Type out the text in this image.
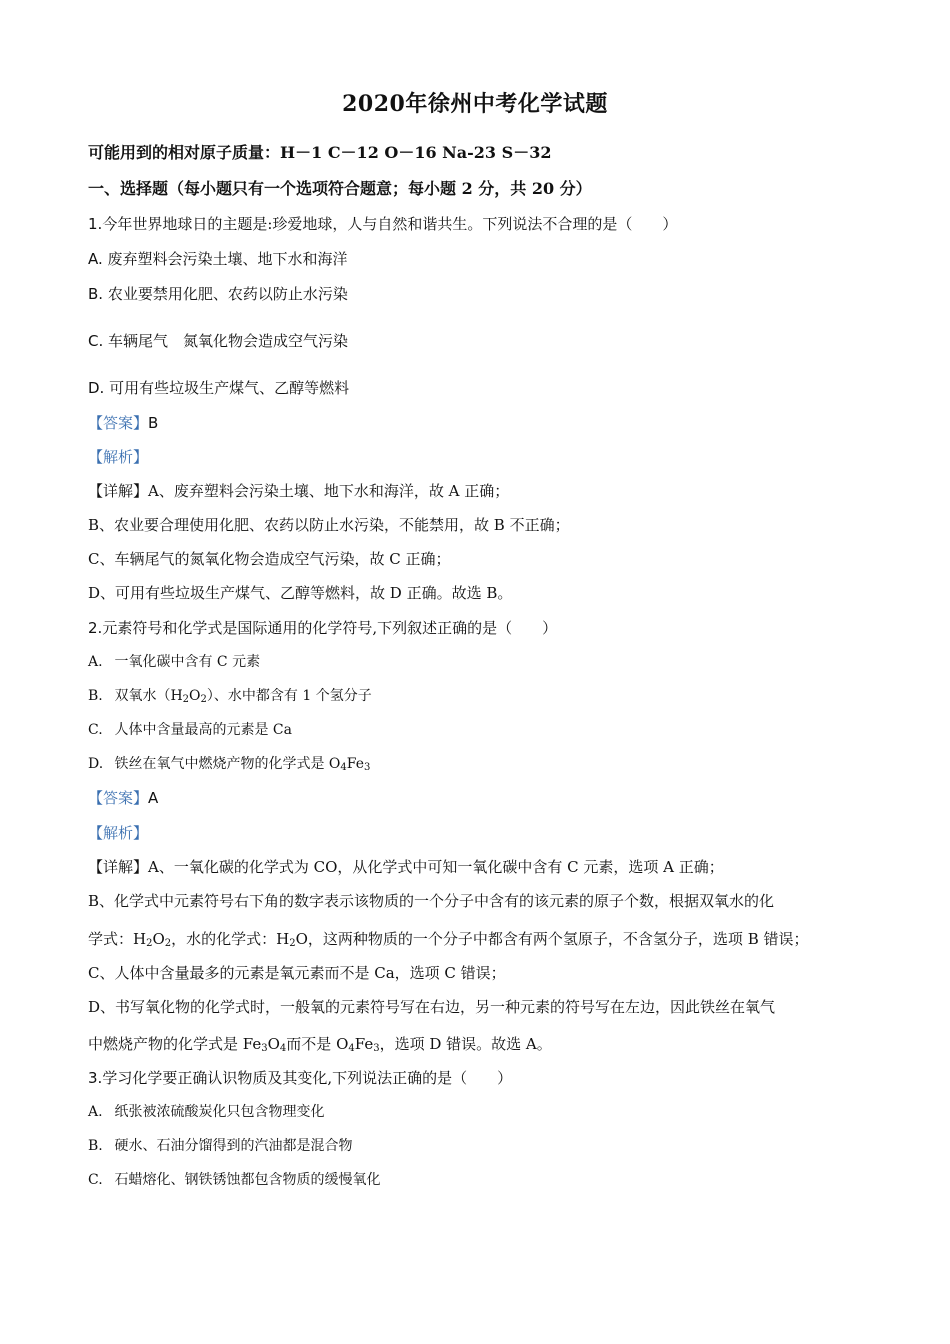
2020年徐州中考化学试题
可能用到的相对原子质量：H－1 C－12 O－16 Na-23 S－32
一、选择题（每小题只有一个选项符合题意；每小题 2 分，共 20 分）
1.今年世界地球日的主题是:珍爱地球，人与自然和谐共生。下列说法不合理的是（　　）
A. 废弃塑料会污染土壤、地下水和海洋
B. 农业要禁用化肥、农药以防止水污染
C. 车辆尾气　氮氧化物会造成空气污染
D. 可用有些垃圾生产煤气、乙醇等燃料
【答案】B
【解析】
【详解】A、废弃塑料会污染土壤、地下水和海洋，故 A 正确；
B、农业要合理使用化肥、农药以防止水污染，不能禁用，故 B 不正确；
C、车辆尾气的氮氧化物会造成空气污染，故 C 正确；
D、可用有些垃圾生产煤气、乙醇等燃料，故 D 正确。故选 B。
2.元素符号和化学式是国际通用的化学符号,下列叙述正确的是（　　）
A. 一氧化碳中含有 C 元素
B. 双氧水$(H_2O_2)$、水中都含有 1 个氢分子
C. 人体中含量最高的元素是 Ca
D. 铁丝在氧气中燃烧产物的化学式是 $O_4Fe_3$
【答案】A
【解析】
【详解】A、一氧化碳的化学式为 CO，从化学式中可知一氧化碳中含有 C 元素，选项 A 正确；
B、化学式中元素符号右下角的数字表示该物质的一个分子中含有的该元素的原子个数，根据双氧水的化
学式：$H_2O_2$，水的化学式：$H_2O$，这两种物质的一个分子中都含有两个氢原子，不含氢分子，选项 B 错误；
C、人体中含量最多的元素是氧元素而不是 Ca，选项 C 错误；
D、书写氧化物的化学式时，一般氧的元素符号写在右边，另一种元素的符号写在左边，因此铁丝在氧气
中燃烧产物的化学式是 $Fe_3O_4$而不是 $O_4Fe_3$，选项 D 错误。故选 A。
3.学习化学要正确认识物质及其变化,下列说法正确的是（　　）
A. 纸张被浓硫酸炭化只包含物理变化
B. 硬水、石油分馏得到的汽油都是混合物
C. 石蜡熔化、钢铁锈蚀都包含物质的缓慢氧化
